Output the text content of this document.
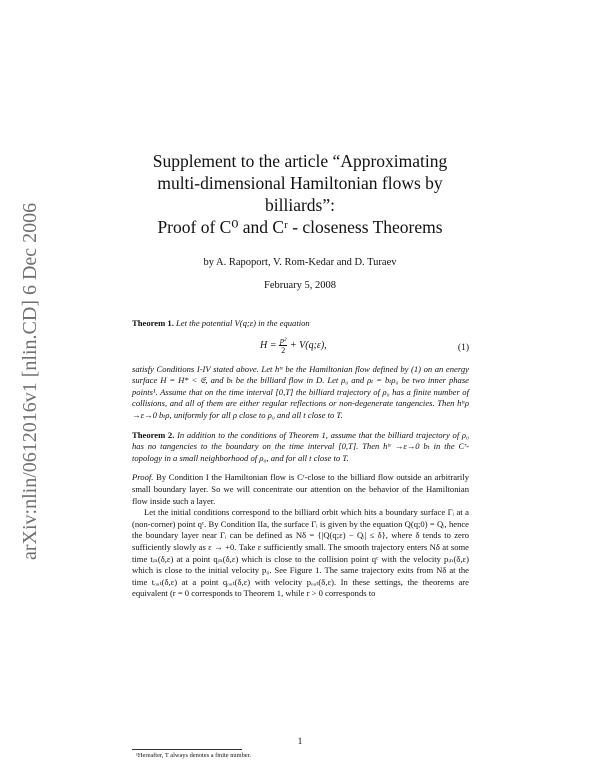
arXiv:nlin/0612016v1 [nlin.CD] 6 Dec 2006
Supplement to the article “Approximating
multi-dimensional Hamiltonian flows by
billiards”:
Proof of C⁰ and Cʳ - closeness Theorems
by A. Rapoport, V. Rom-Kedar and D. Turaev
February 5, 2008

Theorem 1. Let the potential V(q;ε) in the equation

$H = \frac{\text{p²}}{2}$ + V(q;ε),	(1)

satisfy Conditions I-IV stated above. Let hᵗᵋ be the Hamiltonian flow defined by (1) on an energy surface H = H* < 𝔈, and bₜ be the billiard flow in D. Let ρ₀ and ρₜ = bₜρ₀ be two inner phase points¹. Assume that on the time interval [0,T] the billiard trajectory of ρ₀ has a finite number of collisions, and all of them are either regular reflections or non-degenerate tangencies. Then hᵗᵋρ →ε→0 bₜρ, uniformly for all ρ close to ρ₀ and all t close to T.

Theorem 2. In addition to the conditions of Theorem 1, assume that the billiard trajectory of ρ₀ has no tangencies to the boundary on the time interval [0,T]. Then hᵗᵋ →ε→0 bₜ in the Cʳ-topology in a small neighborhood of ρ₀, and for all t close to T.

Proof. By Condition I the Hamiltonian flow is Cʳ-close to the billiard flow outside an arbitrarily small boundary layer. So we will concentrate our attention on the behavior of the Hamiltonian flow inside such a layer.

Let the initial conditions correspond to the billiard orbit which hits a boundary surface Γᵢ at a (non-corner) point qᶜ. By Condition IIa, the surface Γᵢ is given by the equation Q(q;0) = Qᵢ, hence the boundary layer near Γᵢ can be defined as Nδ = {|Q(q;ε) − Qᵢ| ≤ δ}, where δ tends to zero sufficiently slowly as ε → +0. Take ε sufficiently small. The smooth trajectory enters Nδ at some time tᵢₙ(δ,ε) at a point qᵢₙ(δ,ε) which is close to the collision point qᶜ with the velocity pᵢₙ(δ,ε) which is close to the initial velocity p₀. See Figure 1. The same trajectory exits from Nδ at the time tₒᵤₜ(δ,ε) at a point qₒᵤₜ(δ,ε) with velocity pₒᵤₜ(δ,ε). In these settings, the theorems are equivalent (r = 0 corresponds to Theorem 1, while r > 0 corresponds to

1
¹Hereafter, T always denotes a finite number.
